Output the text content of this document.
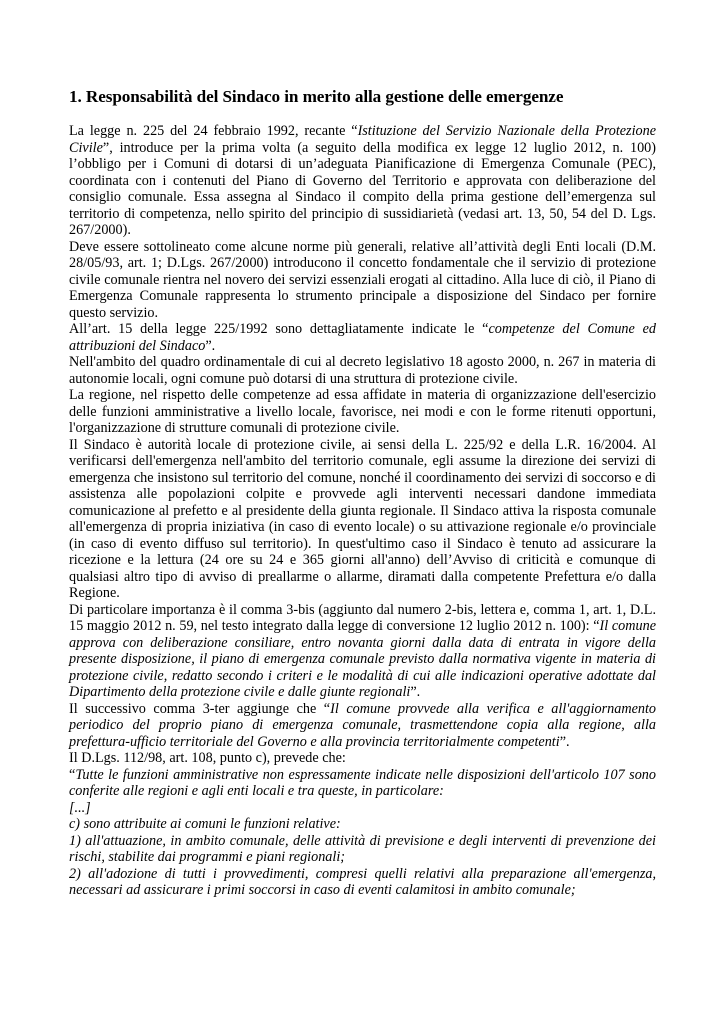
1. Responsabilità del Sindaco in merito alla gestione delle emergenze

La legge n. 225 del 24 febbraio 1992, recante “Istituzione del Servizio Nazionale della Protezione Civile”, introduce per la prima volta (a seguito della modifica ex legge 12 luglio 2012, n. 100) l’obbligo per i Comuni di dotarsi di un’adeguata Pianificazione di Emergenza Comunale (PEC), coordinata con i contenuti del Piano di Governo del Territorio e approvata con deliberazione del consiglio comunale. Essa assegna al Sindaco il compito della prima gestione dell’emergenza sul territorio di competenza, nello spirito del principio di sussidiarietà (vedasi art. 13, 50, 54 del D. Lgs. 267/2000).

Deve essere sottolineato come alcune norme più generali, relative all’attività degli Enti locali (D.M. 28/05/93, art. 1; D.Lgs. 267/2000) introducono il concetto fondamentale che il servizio di protezione civile comunale rientra nel novero dei servizi essenziali erogati al cittadino. Alla luce di ciò, il Piano di Emergenza Comunale rappresenta lo strumento principale a disposizione del Sindaco per fornire questo servizio.

All’art. 15 della legge 225/1992 sono dettagliatamente indicate le “competenze del Comune ed attribuzioni del Sindaco”.

Nell'ambito del quadro ordinamentale di cui al decreto legislativo 18 agosto 2000, n. 267 in materia di autonomie locali, ogni comune può dotarsi di una struttura di protezione civile.

La regione, nel rispetto delle competenze ad essa affidate in materia di organizzazione dell'esercizio delle funzioni amministrative a livello locale, favorisce, nei modi e con le forme ritenuti opportuni, l'organizzazione di strutture comunali di protezione civile.

Il Sindaco è autorità locale di protezione civile, ai sensi della L. 225/92 e della L.R. 16/2004. Al verificarsi dell'emergenza nell'ambito del territorio comunale, egli assume la direzione dei servizi di emergenza che insistono sul territorio del comune, nonché il coordinamento dei servizi di soccorso e di assistenza alle popolazioni colpite e provvede agli interventi necessari dandone immediata comunicazione al prefetto e al presidente della giunta regionale. Il Sindaco attiva la risposta comunale all'emergenza di propria iniziativa (in caso di evento locale) o su attivazione regionale e/o provinciale (in caso di evento diffuso sul territorio). In quest'ultimo caso il Sindaco è tenuto ad assicurare la ricezione e la lettura (24 ore su 24 e 365 giorni all'anno) dell’Avviso di criticità e comunque di qualsiasi altro tipo di avviso di preallarme o allarme, diramati dalla competente Prefettura e/o dalla Regione.

Di particolare importanza è il comma 3-bis (aggiunto dal numero 2-bis, lettera e, comma 1, art. 1, D.L. 15 maggio 2012 n. 59, nel testo integrato dalla legge di conversione 12 luglio 2012 n. 100): “Il comune approva con deliberazione consiliare, entro novanta giorni dalla data di entrata in vigore della presente disposizione, il piano di emergenza comunale previsto dalla normativa vigente in materia di protezione civile, redatto secondo i criteri e le modalità di cui alle indicazioni operative adottate dal Dipartimento della protezione civile e dalle giunte regionali”.

Il successivo comma 3-ter aggiunge che “Il comune provvede alla verifica e all'aggiornamento periodico del proprio piano di emergenza comunale, trasmettendone copia alla regione, alla prefettura-ufficio territoriale del Governo e alla provincia territorialmente competenti”.

Il D.Lgs. 112/98, art. 108, punto c), prevede che:

“Tutte le funzioni amministrative non espressamente indicate nelle disposizioni dell'articolo 107 sono conferite alle regioni e agli enti locali e tra queste, in particolare:

[...]

c) sono attribuite ai comuni le funzioni relative:

1) all'attuazione, in ambito comunale, delle attività di previsione e degli interventi di prevenzione dei rischi, stabilite dai programmi e piani regionali;

2) all'adozione di tutti i provvedimenti, compresi quelli relativi alla preparazione all'emergenza, necessari ad assicurare i primi soccorsi in caso di eventi calamitosi in ambito comunale;
